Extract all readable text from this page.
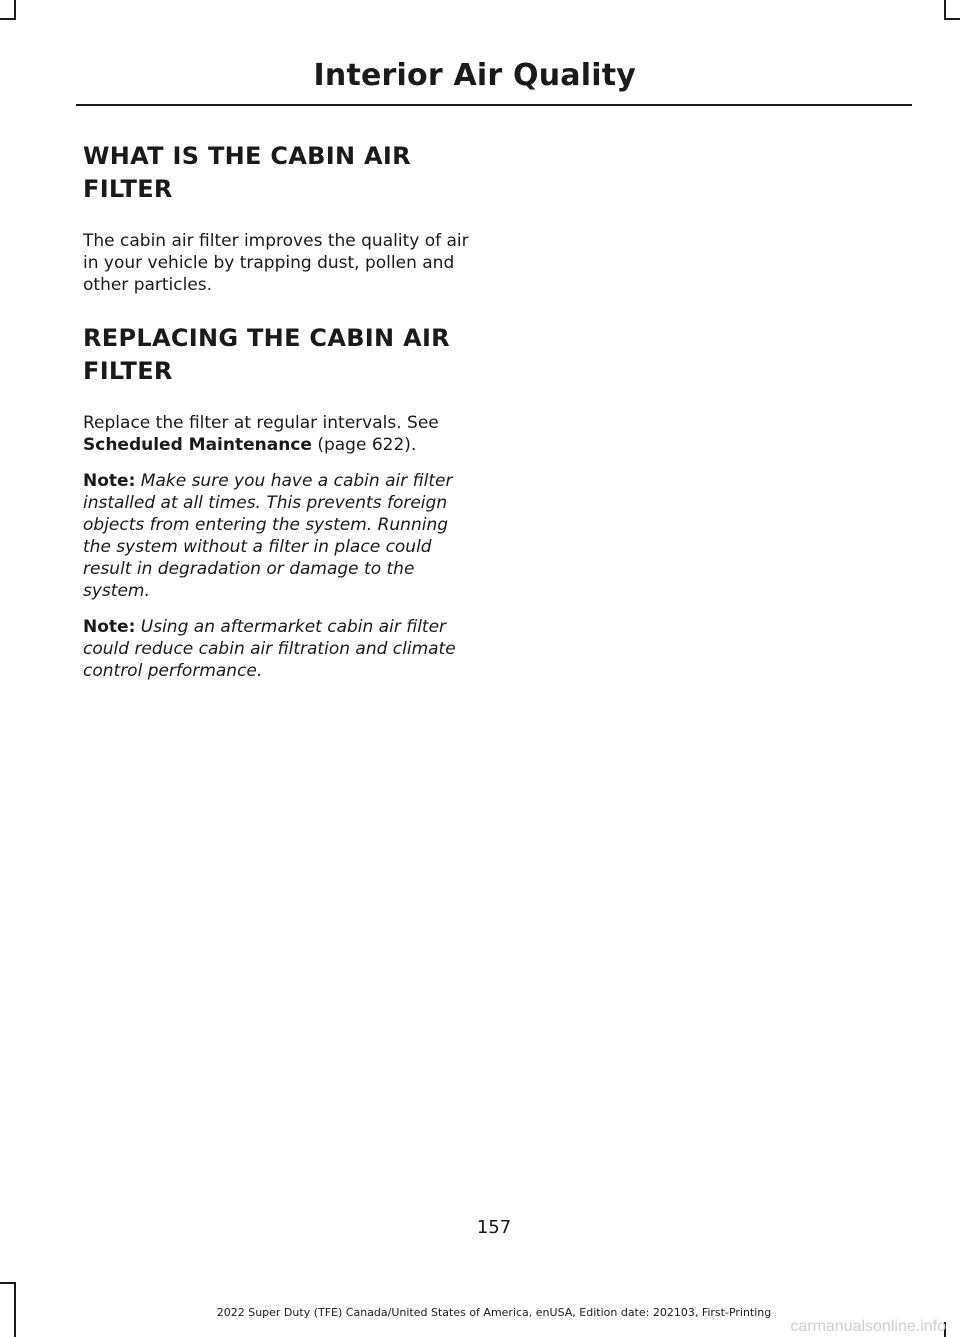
Interior Air Quality
WHAT IS THE CABIN AIR FILTER

The cabin air filter improves the quality of air in your vehicle by trapping dust, pollen and other particles.

REPLACING THE CABIN AIR FILTER

Replace the filter at regular intervals. See Scheduled Maintenance (page 622).

Note: Make sure you have a cabin air filter installed at all times. This prevents foreign objects from entering the system. Running the system without a filter in place could result in degradation or damage to the system.

Note: Using an aftermarket cabin air filter could reduce cabin air filtration and climate control performance.

157
2022 Super Duty (TFE) Canada/United States of America, enUSA, Edition date: 202103, First-Printing
carmanualsonline.info
